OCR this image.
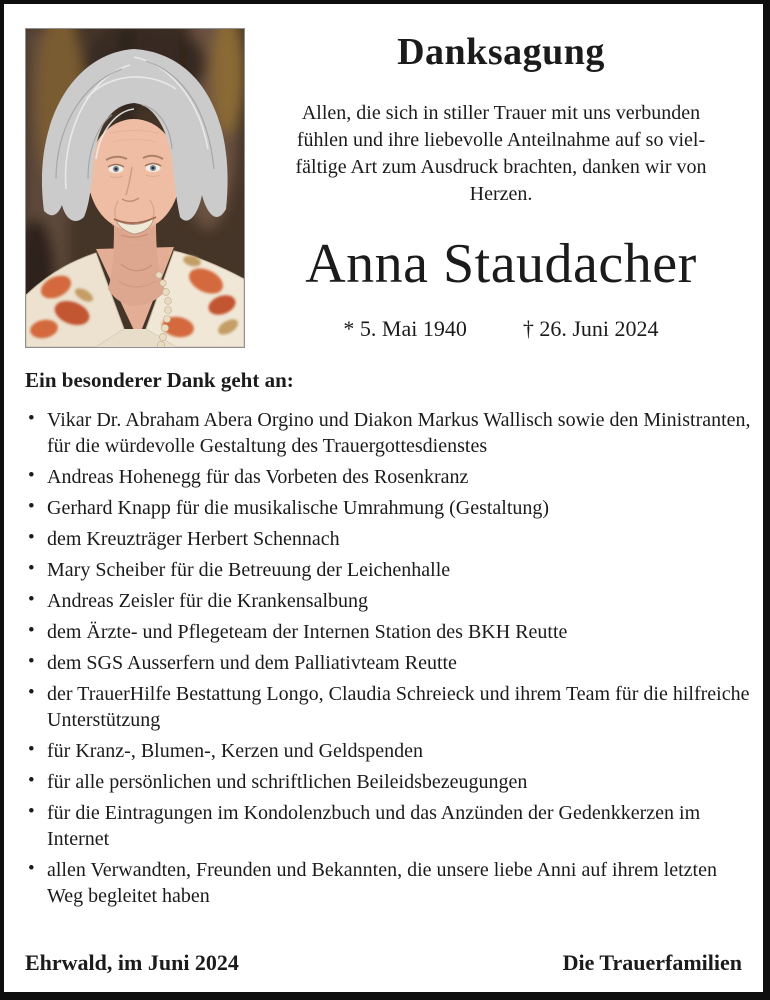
Danksagung
Allen, die sich in stiller Trauer mit uns verbunden
fühlen und ihre liebevolle Anteilnahme auf so viel-
fältige Art zum Ausdruck brachten, danken wir von
Herzen.
Anna Staudacher
* 5. Mai 1940	† 26. Juni 2024
Ein besonderer Dank geht an:
• Vikar Dr. Abraham Abera Orgino und Diakon Markus Wallisch sowie den Ministranten, für die würdevolle Gestaltung des Trauergottesdienstes
• Andreas Hohenegg für das Vorbeten des Rosenkranz
• Gerhard Knapp für die musikalische Umrahmung (Gestaltung)
• dem Kreuzträger Herbert Schennach
• Mary Scheiber für die Betreuung der Leichenhalle
• Andreas Zeisler für die Krankensalbung
• dem Ärzte- und Pflegeteam der Internen Station des BKH Reutte
• dem SGS Ausserfern und dem Palliativteam Reutte
• der TrauerHilfe Bestattung Longo, Claudia Schreieck und ihrem Team für die hilfreiche Unterstützung
• für Kranz-, Blumen-, Kerzen und Geldspenden
• für alle persönlichen und schriftlichen Beileidsbezeugungen
• für die Eintragungen im Kondolenzbuch und das Anzünden der Gedenkkerzen im Internet
• allen Verwandten, Freunden und Bekannten, die unsere liebe Anni auf ihrem letzten Weg begleitet haben
Ehrwald, im Juni 2024	Die Trauerfamilien
